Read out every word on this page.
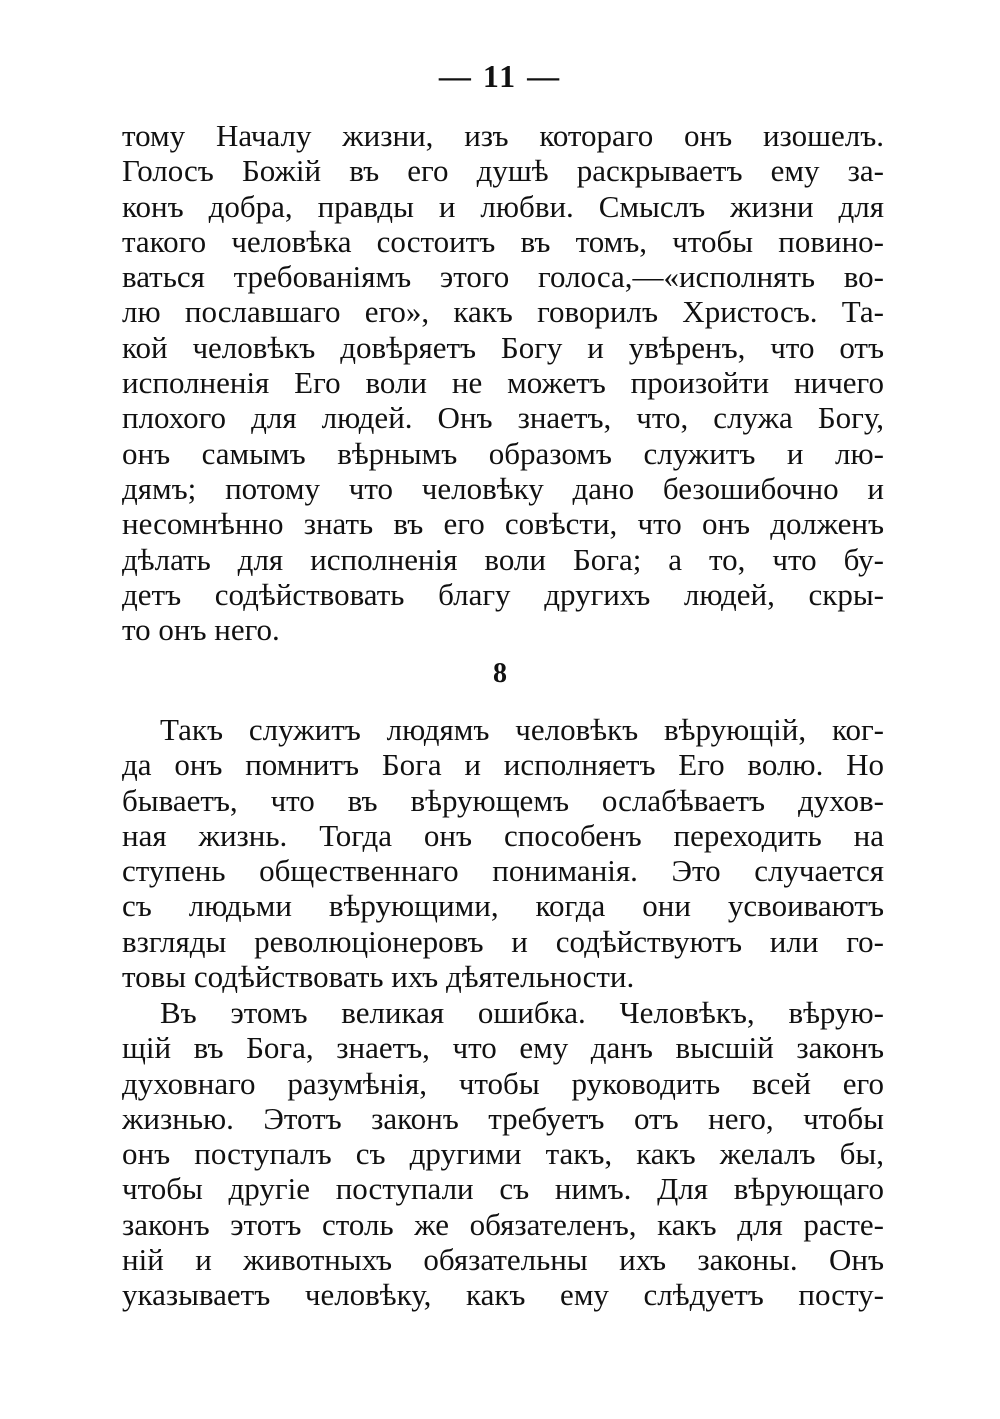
— 11 —
тому Началу жизни, изъ котораго онъ изошелъ.
Голосъ Божій въ его душѣ раскрываетъ ему за-
конъ добра, правды и любви. Смыслъ жизни для
такого человѣка состоитъ въ томъ, чтобы повино-
ваться требованіямъ этого голоса,—«исполнять во-
лю пославшаго его», какъ говорилъ Христосъ. Та-
кой человѣкъ довѣряетъ Богу и увѣренъ, что отъ
исполненія Его воли не можетъ произойти ничего
плохого для людей. Онъ знаетъ, что, служа Богу,
онъ самымъ вѣрнымъ образомъ служитъ и лю-
дямъ; потому что человѣку дано безошибочно и
несомнѣнно знать въ его совѣсти, что онъ долженъ
дѣлать для исполненія воли Бога; а то, что бу-
детъ содѣйствовать благу другихъ людей, скры-
то онъ него.
8
Такъ служитъ людямъ человѣкъ вѣрующій, ког-
да онъ помнитъ Бога и исполняетъ Его волю. Но
бываетъ, что въ вѣрующемъ ослабѣваетъ духов-
ная жизнь. Тогда онъ способенъ переходить на
ступень общественнаго пониманія. Это случается
съ людьми вѣрующими, когда они усвоиваютъ
взгляды революціонеровъ и содѣйствуютъ или го-
товы содѣйствовать ихъ дѣятельности.
Въ этомъ великая ошибка. Человѣкъ, вѣрую-
щій въ Бога, знаетъ, что ему данъ высшій законъ
духовнаго разумѣнія, чтобы руководить всей его
жизнью. Этотъ законъ требуетъ отъ него, чтобы
онъ поступалъ съ другими такъ, какъ желалъ бы,
чтобы другіе поступали съ нимъ. Для вѣрующаго
законъ этотъ столь же обязателенъ, какъ для расте-
ній и животныхъ обязательны ихъ законы. Онъ
указываетъ человѣку, какъ ему слѣдуетъ посту-
